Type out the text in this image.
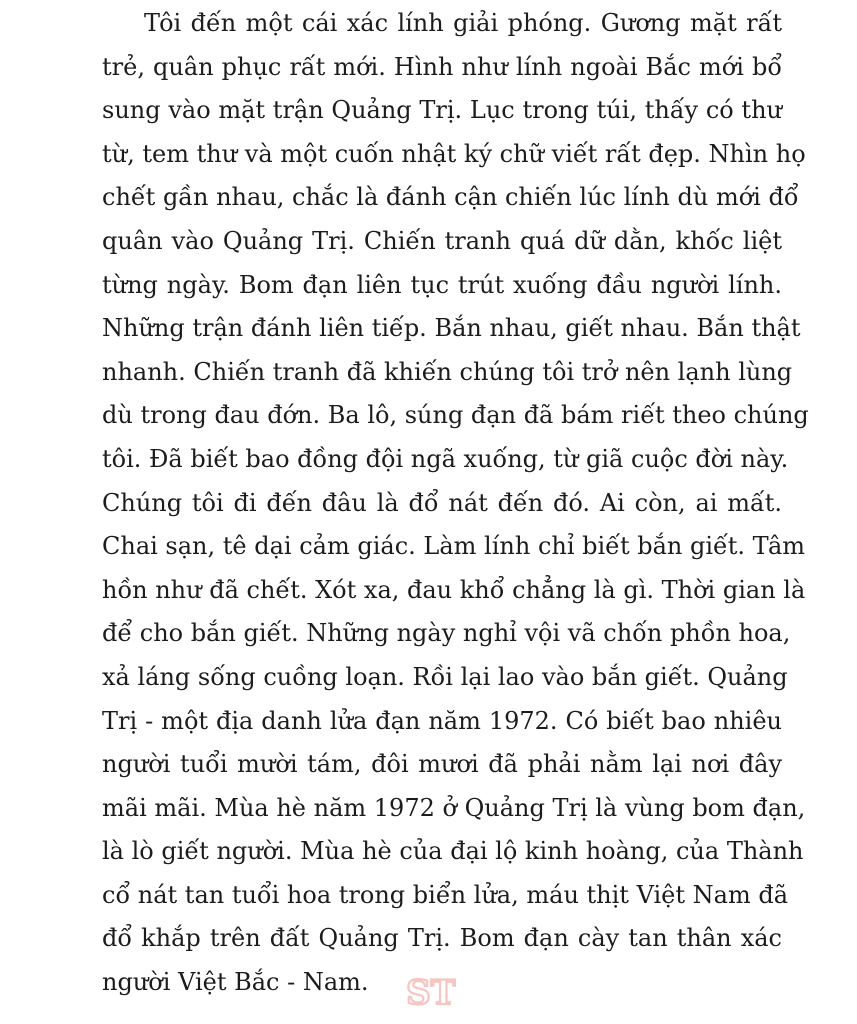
Tôi đến một cái xác lính giải phóng. Gương mặt rất
trẻ, quân phục rất mới. Hình như lính ngoài Bắc mới bổ
sung vào mặt trận Quảng Trị. Lục trong túi, thấy có thư
từ, tem thư và một cuốn nhật ký chữ viết rất đẹp. Nhìn họ
chết gần nhau, chắc là đánh cận chiến lúc lính dù mới đổ
quân vào Quảng Trị. Chiến tranh quá dữ dằn, khốc liệt
từng ngày. Bom đạn liên tục trút xuống đầu người lính.
Những trận đánh liên tiếp. Bắn nhau, giết nhau. Bắn thật
nhanh. Chiến tranh đã khiến chúng tôi trở nên lạnh lùng
dù trong đau đớn. Ba lô, súng đạn đã bám riết theo chúng
tôi. Đã biết bao đồng đội ngã xuống, từ giã cuộc đời này.
Chúng tôi đi đến đâu là đổ nát đến đó. Ai còn, ai mất.
Chai sạn, tê dại cảm giác. Làm lính chỉ biết bắn giết. Tâm
hồn như đã chết. Xót xa, đau khổ chẳng là gì. Thời gian là
để cho bắn giết. Những ngày nghỉ vội vã chốn phồn hoa,
xả láng sống cuồng loạn. Rồi lại lao vào bắn giết. Quảng
Trị - một địa danh lửa đạn năm 1972. Có biết bao nhiêu
người tuổi mười tám, đôi mươi đã phải nằm lại nơi đây
mãi mãi. Mùa hè năm 1972 ở Quảng Trị là vùng bom đạn,
là lò giết người. Mùa hè của đại lộ kinh hoàng, của Thành
cổ nát tan tuổi hoa trong biển lửa, máu thịt Việt Nam đã
đổ khắp trên đất Quảng Trị. Bom đạn cày tan thân xác
người Việt Bắc - Nam.	ST
